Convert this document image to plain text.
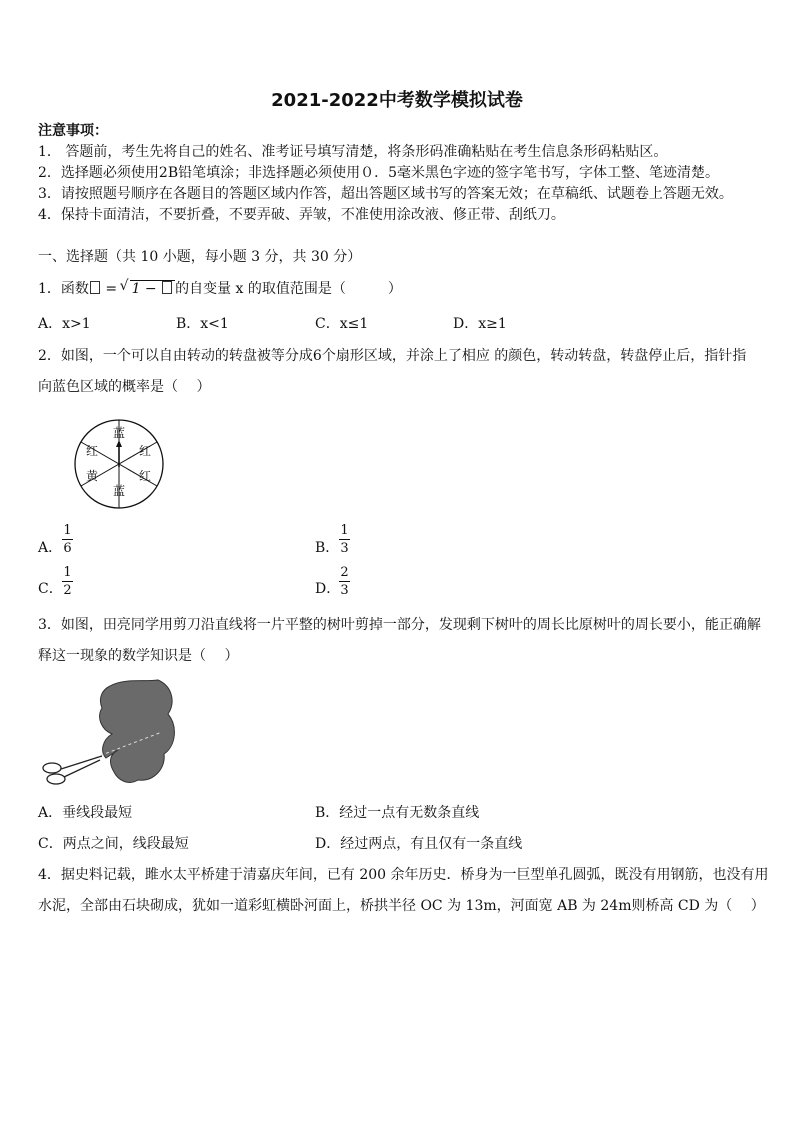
2021-2022中考数学模拟试卷
注意事项：
1． 答题前，考生先将自己的姓名、准考证号填写清楚，将条形码准确粘贴在考生信息条形码粘贴区。
2．选择题必须使用2B铅笔填涂；非选择题必须使用０．5毫米黑色字迹的签字笔书写，字体工整、笔迹清楚。
3．请按照题号顺序在各题目的答题区域内作答，超出答题区域书写的答案无效；在草稿纸、试题卷上答题无效。
4．保持卡面清洁，不要折叠，不要弄破、弄皱，不准使用涂改液、修正带、刮纸刀。
一、选择题（共 10 小题，每小题 3 分，共 30 分）
1．函数 = √ 1 − 的自变量 x 的取值范围是（　　　）
A．x>1	B．x<1	C．x≤1	D．x≥1
2．如图，一个可以自由转动的转盘被等分成6个扇形区域，并涂上了相应 的颜色，转动转盘，转盘停止后，指针指
向蓝色区域的概率是（　 ）
蓝
红
红
蓝
黄
红
A．
1
6	B．
1
3
C．
1
2	D．
2
3
3．如图，田亮同学用剪刀沿直线将一片平整的树叶剪掉一部分，发现剩下树叶的周长比原树叶的周长要小，能正确解
释这一现象的数学知识是（　 ）
A．垂线段最短	B．经过一点有无数条直线
C．两点之间，线段最短	D．经过两点，有且仅有一条直线
4．据史料记载，雎水太平桥建于清嘉庆年间，已有 200 余年历史．桥身为一巨型单孔圆弧，既没有用钢筋，也没有用
水泥，全部由石块砌成，犹如一道彩虹横卧河面上，桥拱半径 OC 为 13m，河面宽 AB 为 24m则桥高 CD 为（　 ）
